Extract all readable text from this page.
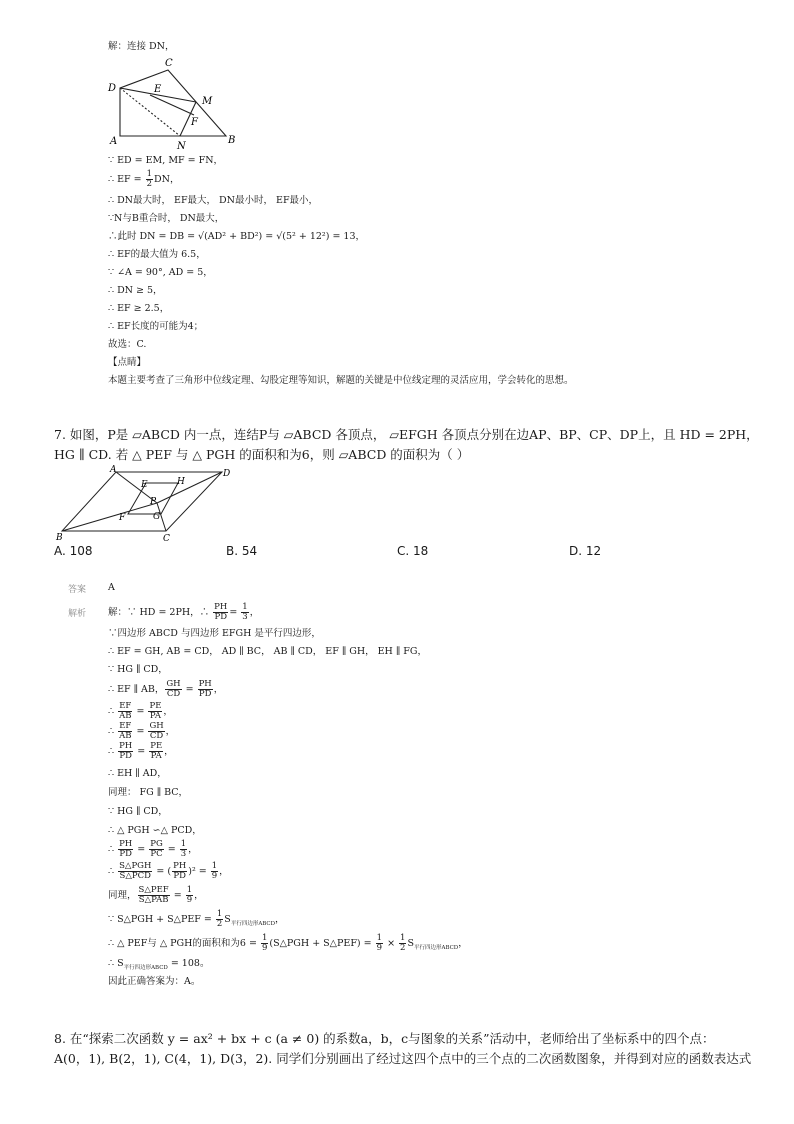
解：连接 DN，
D
C
E
M
F
A	N
B
∵ ED = EM, MF = FN，
∴ EF = $\frac{1}{2}$ DN，
∴ DN最大时， EF最大， DN最小时， EF最小，
∵N与B重合时， DN最大，
∴此时 DN = DB = √(AD² + BD²) = √(5² + 12²) = 13，
∴ EF的最大值为 6.5，
∵ ∠A = 90°, AD = 5，
∴ DN ≥ 5，
∴ EF ≥ 2.5，
∴ EF长度的可能为4；
故选：C.
【点睛】
本题主要考查了三角形中位线定理、勾股定理等知识，解题的关键是中位线定理的灵活应用，学会转化的思想。
7. 如图，P是 ▱ABCD 内一点，连结P与 ▱ABCD 各顶点， ▱EFGH 各顶点分别在边AP、BP、CP、DP上，且 HD = 2PH，
HG ∥ CD. 若 △ PEF 与 △ PGH 的面积和为6，则 ▱ABCD 的面积为（ ）
A	D
E	H
P
F	G
B	C
A. 108	B. 54	C. 18	D. 12
答案 A
解析 解：∵ HD = 2PH，∴ $\frac{PH}{PD} = \frac{1}{3}$ ，
∵四边形 ABCD 与四边形 EFGH 是平行四边形，
∴ EF = GH, AB = CD， AD ∥ BC， AB ∥ CD， EF ∥ GH， EH ∥ FG，
∵ HG ∥ CD，
∴ EF ∥ AB， $\frac{GH}{CD} = \frac{PH}{PD}$ ，
∴ $\frac{EF}{AB} = \frac{PE}{PA}$ ，
∴ $\frac{EF}{AB} = \frac{GH}{CD}$ ，
∴ $\frac{PH}{PD} = \frac{PE}{PA}$ ，
∴ EH ∥ AD，
同理： FG ∥ BC，
∵ HG ∥ CD，
∴ △ PGH ∽△ PCD，
∴ $\frac{PH}{PD} = \frac{PG}{PC} = \frac{1}{3}$ ，
∴ $\frac{\text{S△PGH}}{\text{S△PCD}}$ = ( $\frac{PH}{PD} )^2 = \frac{1}{9}$ ，
同理， $\frac{\text{S△PEF}}{\text{S△PAB}} = \frac{1}{9}$ ，
∵ S△PGH + S△PEF = $\frac{1}{2} S_{平行四边形ABCD}$，
∴ △ PEF与 △ PGH的面积和为$6 = \frac{1}{9}$ (S△PGH + S△PEF) = $\frac{1}{9} \times \frac{1}{2} S_{平行四边形ABCD}$，
∴ $S_{平行四边形ABCD} = 108$。
因此正确答案为：A。
8. 在“探索二次函数 y = ax² + bx + c (a ≠ 0) 的系数a，b，c与图象的关系”活动中，老师给出了坐标系中的四个点：
A(0，1), B(2，1), C(4，1), D(3，2). 同学们分别画出了经过这四个点中的三个点的二次函数图象，并得到对应的函数表达式
